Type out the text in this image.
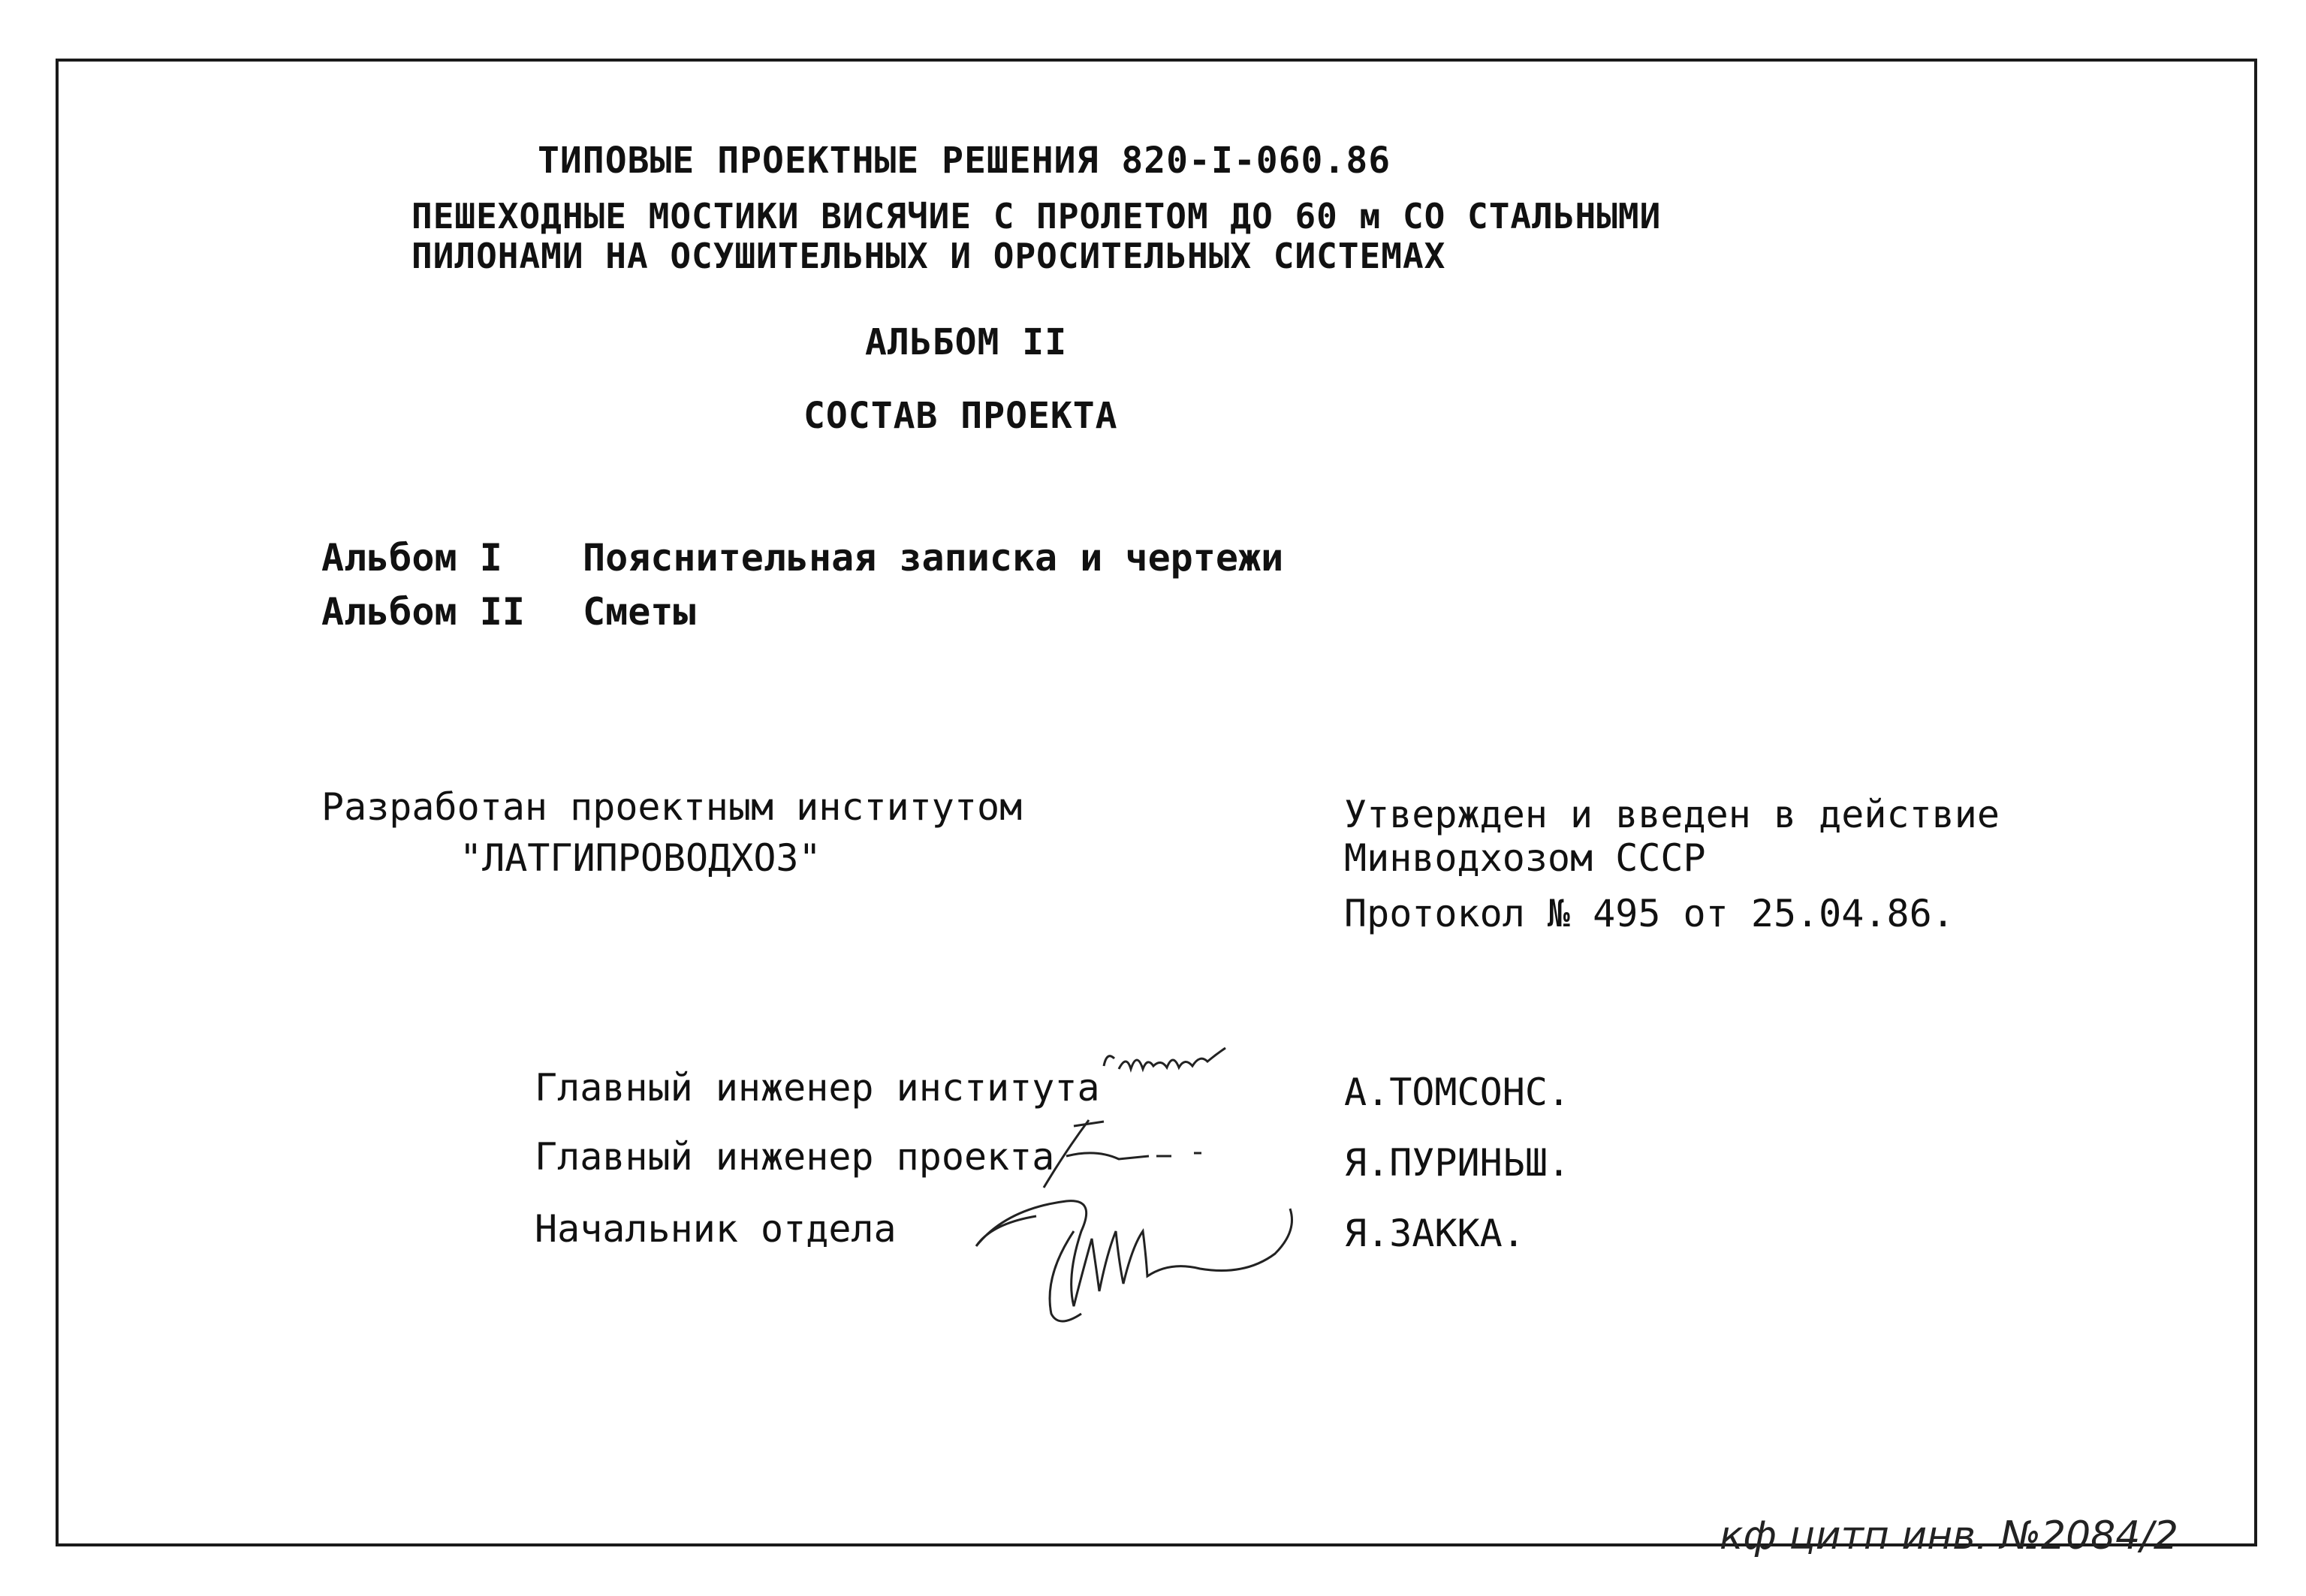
ТИПОВЫЕ ПРОЕКТНЫЕ РЕШЕНИЯ 820-I-060.86
ПЕШЕХОДНЫЕ МОСТИКИ ВИСЯЧИЕ С ПРОЛЕТОМ ДО 60 м СО СТАЛЬНЫМИ
ПИЛОНАМИ НА ОСУШИТЕЛЬНЫХ И ОРОСИТЕЛЬНЫХ СИСТЕМАХ
АЛЬБОМ II
СОСТАВ ПРОЕКТА
Альбом I Пояснительная записка и чертежи
Альбом II Сметы
Разработан проектным институтом
"ЛАТГИПРОВОДХОЗ"
Утвержден и введен в действие
Минводхозом СССР
Протокол № 495 от 25.04.86.
Главный инженер института
Главный инженер проекта
Начальник отдела
А.ТОМСОНС.
Я.ПУРИНЬШ.
Я.ЗАККА.
кф цитп инв. №2084/2
